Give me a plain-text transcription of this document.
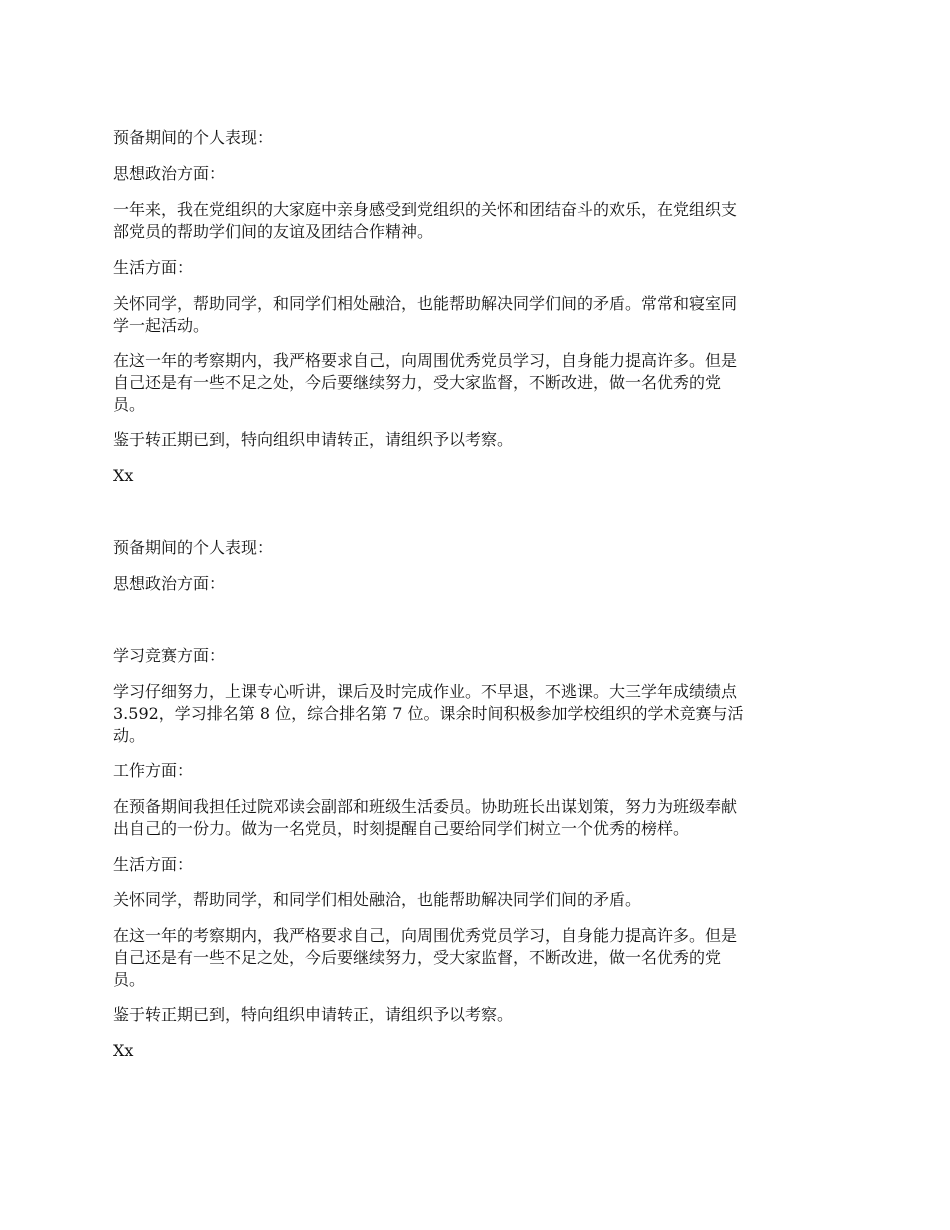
预备期间的个人表现：

思想政治方面：

一年来，我在党组织的大家庭中亲身感受到党组织的关怀和团结奋斗的欢乐，在党组织支

部党员的帮助学们间的友谊及团结合作精神。

生活方面：

关怀同学，帮助同学，和同学们相处融洽，也能帮助解决同学们间的矛盾。常常和寝室同

学一起活动。

在这一年的考察期内，我严格要求自己，向周围优秀党员学习，自身能力提高许多。但是

自己还是有一些不足之处，今后要继续努力，受大家监督，不断改进，做一名优秀的党

员。

鉴于转正期已到，特向组织申请转正，请组织予以考察。

Xx

预备期间的个人表现：

思想政治方面：

学习竞赛方面：

学习仔细努力，上课专心听讲，课后及时完成作业。不早退，不逃课。大三学年成绩绩点

3.592，学习排名第 8 位，综合排名第 7 位。课余时间积极参加学校组织的学术竞赛与活

动。

工作方面：

在预备期间我担任过院邓读会副部和班级生活委员。协助班长出谋划策，努力为班级奉献

出自己的一份力。做为一名党员，时刻提醒自己要给同学们树立一个优秀的榜样。

生活方面：

关怀同学，帮助同学，和同学们相处融洽，也能帮助解决同学们间的矛盾。

在这一年的考察期内，我严格要求自己，向周围优秀党员学习，自身能力提高许多。但是

自己还是有一些不足之处，今后要继续努力，受大家监督，不断改进，做一名优秀的党

员。

鉴于转正期已到，特向组织申请转正，请组织予以考察。

Xx
